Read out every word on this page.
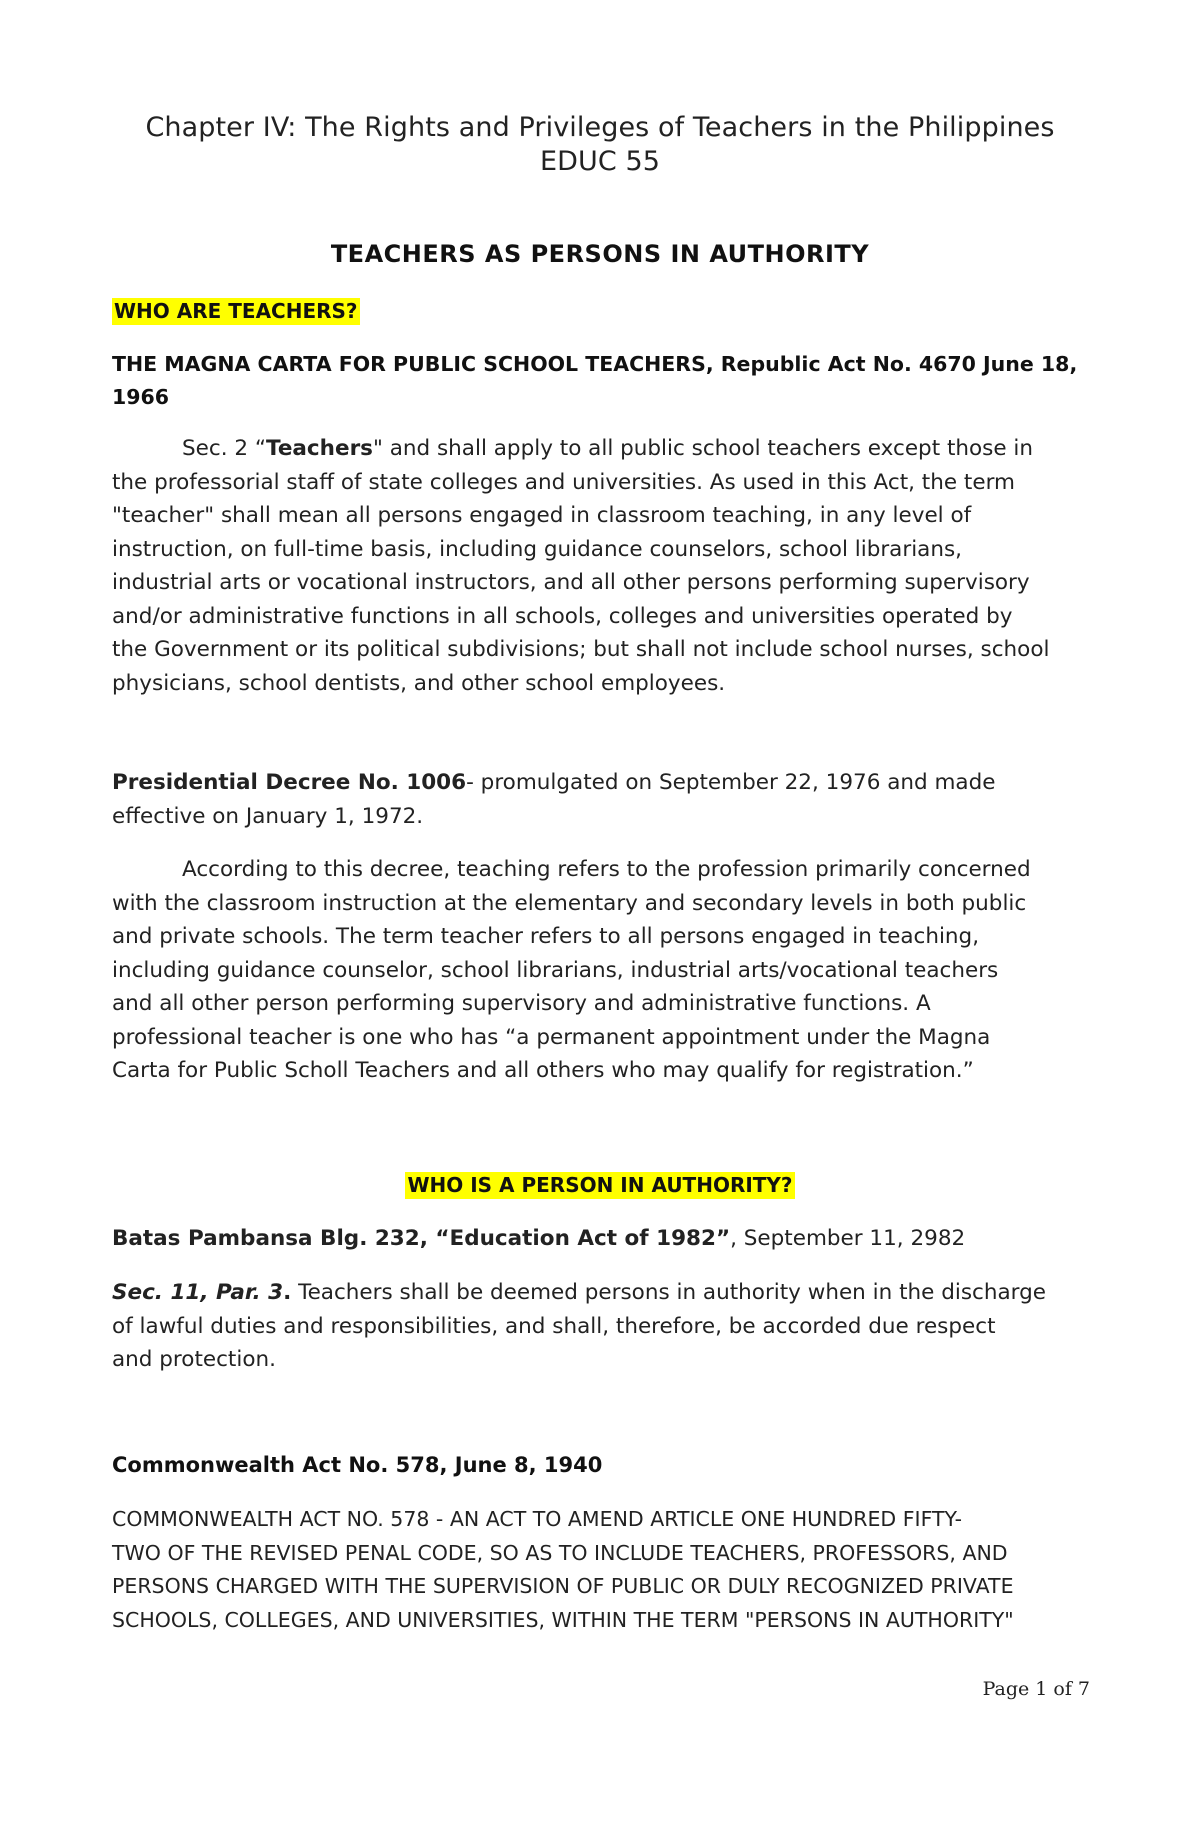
Chapter IV: The Rights and Privileges of Teachers in the Philippines

EDUC 55

TEACHERS AS PERSONS IN AUTHORITY

WHO ARE TEACHERS?

THE MAGNA CARTA FOR PUBLIC SCHOOL TEACHERS, Republic Act No. 4670 June 18, 1966

Sec. 2 “Teachers" and shall apply to all public school teachers except those in
the professorial staff of state colleges and universities. As used in this Act, the term
"teacher" shall mean all persons engaged in classroom teaching, in any level of
instruction, on full-time basis, including guidance counselors, school librarians,
industrial arts or vocational instructors, and all other persons performing supervisory
and/or administrative functions in all schools, colleges and universities operated by
the Government or its political subdivisions; but shall not include school nurses, school
physicians, school dentists, and other school employees.

Presidential Decree No. 1006- promulgated on September 22, 1976 and made
effective on January 1, 1972.

According to this decree, teaching refers to the profession primarily concerned
with the classroom instruction at the elementary and secondary levels in both public
and private schools. The term teacher refers to all persons engaged in teaching,
including guidance counselor, school librarians, industrial arts/vocational teachers
and all other person performing supervisory and administrative functions. A
professional teacher is one who has “a permanent appointment under the Magna
Carta for Public Scholl Teachers and all others who may qualify for registration.”

WHO IS A PERSON IN AUTHORITY?

Batas Pambansa Blg. 232, “Education Act of 1982”, September 11, 2982

Sec. 11, Par. 3. Teachers shall be deemed persons in authority when in the discharge
of lawful duties and responsibilities, and shall, therefore, be accorded due respect
and protection.

Commonwealth Act No. 578, June 8, 1940

COMMONWEALTH ACT NO. 578 - AN ACT TO AMEND ARTICLE ONE HUNDRED FIFTY-
TWO OF THE REVISED PENAL CODE, SO AS TO INCLUDE TEACHERS, PROFESSORS, AND
PERSONS CHARGED WITH THE SUPERVISION OF PUBLIC OR DULY RECOGNIZED PRIVATE
SCHOOLS, COLLEGES, AND UNIVERSITIES, WITHIN THE TERM "PERSONS IN AUTHORITY"

Page 1 of 7
